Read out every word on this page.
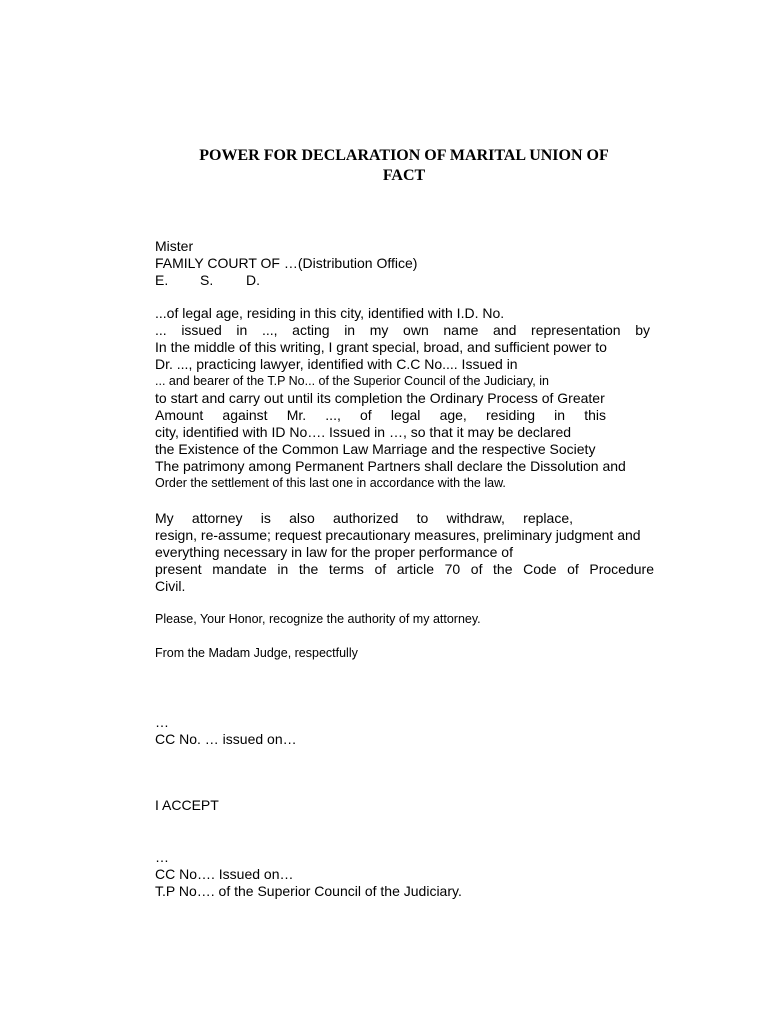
POWER FOR DECLARATION OF MARITAL UNION OF
FACT
Mister
FAMILY COURT OF …(Distribution Office)
E. S. D.
...of legal age, residing in this city, identified with I.D. No.
... issued in ..., acting in my own name and representation by
In the middle of this writing, I grant special, broad, and sufficient power to
Dr. ..., practicing lawyer, identified with C.C No.... Issued in
... and bearer of the T.P No... of the Superior Council of the Judiciary, in
to start and carry out until its completion the Ordinary Process of Greater
Amount against Mr. ..., of legal age, residing in this
city, identified with ID No…. Issued in …, so that it may be declared
the Existence of the Common Law Marriage and the respective Society
The patrimony among Permanent Partners shall declare the Dissolution and
Order the settlement of this last one in accordance with the law.
My attorney is also authorized to withdraw, replace,
resign, re-assume; request precautionary measures, preliminary judgment and
everything necessary in law for the proper performance of
present mandate in the terms of article 70 of the Code of Procedure
Civil.
Please, Your Honor, recognize the authority of my attorney.
From the Madam Judge, respectfully
…
CC No. … issued on…
I ACCEPT
…
CC No…. Issued on…
T.P No…. of the Superior Council of the Judiciary.
